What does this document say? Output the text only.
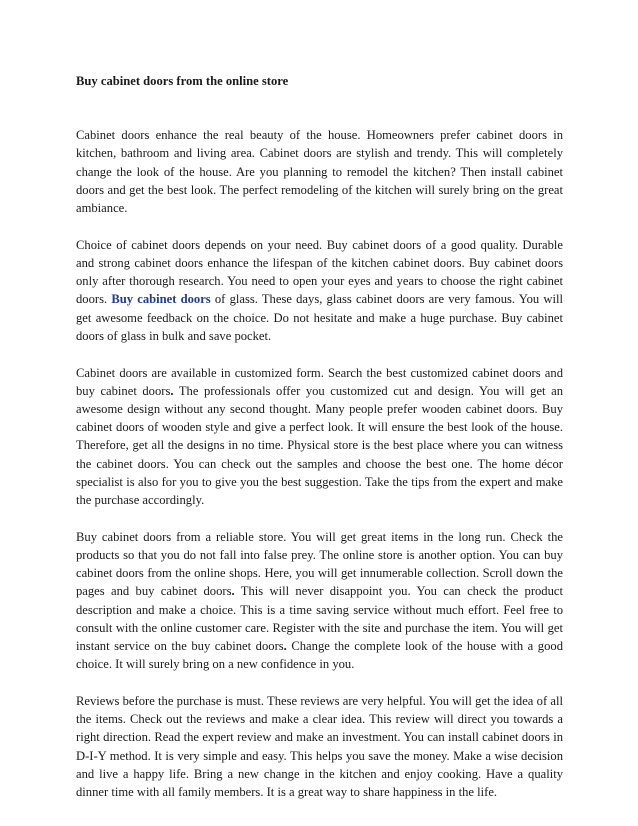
Buy cabinet doors from the online store

Cabinet doors enhance the real beauty of the house. Homeowners prefer cabinet doors in kitchen, bathroom and living area. Cabinet doors are stylish and trendy. This will completely change the look of the house. Are you planning to remodel the kitchen? Then install cabinet doors and get the best look. The perfect remodeling of the kitchen will surely bring on the great ambiance.

Choice of cabinet doors depends on your need. Buy cabinet doors of a good quality. Durable and strong cabinet doors enhance the lifespan of the kitchen cabinet doors. Buy cabinet doors only after thorough research. You need to open your eyes and years to choose the right cabinet doors. Buy cabinet doors of glass. These days, glass cabinet doors are very famous. You will get awesome feedback on the choice. Do not hesitate and make a huge purchase. Buy cabinet doors of glass in bulk and save pocket.

Cabinet doors are available in customized form. Search the best customized cabinet doors and buy cabinet doors. The professionals offer you customized cut and design. You will get an awesome design without any second thought. Many people prefer wooden cabinet doors. Buy cabinet doors of wooden style and give a perfect look. It will ensure the best look of the house. Therefore, get all the designs in no time. Physical store is the best place where you can witness the cabinet doors. You can check out the samples and choose the best one. The home décor specialist is also for you to give you the best suggestion. Take the tips from the expert and make the purchase accordingly.

Buy cabinet doors from a reliable store. You will get great items in the long run. Check the products so that you do not fall into false prey. The online store is another option. You can buy cabinet doors from the online shops. Here, you will get innumerable collection. Scroll down the pages and buy cabinet doors. This will never disappoint you. You can check the product description and make a choice. This is a time saving service without much effort. Feel free to consult with the online customer care. Register with the site and purchase the item. You will get instant service on the buy cabinet doors. Change the complete look of the house with a good choice. It will surely bring on a new confidence in you.

Reviews before the purchase is must. These reviews are very helpful. You will get the idea of all the items. Check out the reviews and make a clear idea. This review will direct you towards a right direction. Read the expert review and make an investment. You can install cabinet doors in D-I-Y method. It is very simple and easy. This helps you save the money. Make a wise decision and live a happy life. Bring a new change in the kitchen and enjoy cooking. Have a quality dinner time with all family members. It is a great way to share happiness in the life.
